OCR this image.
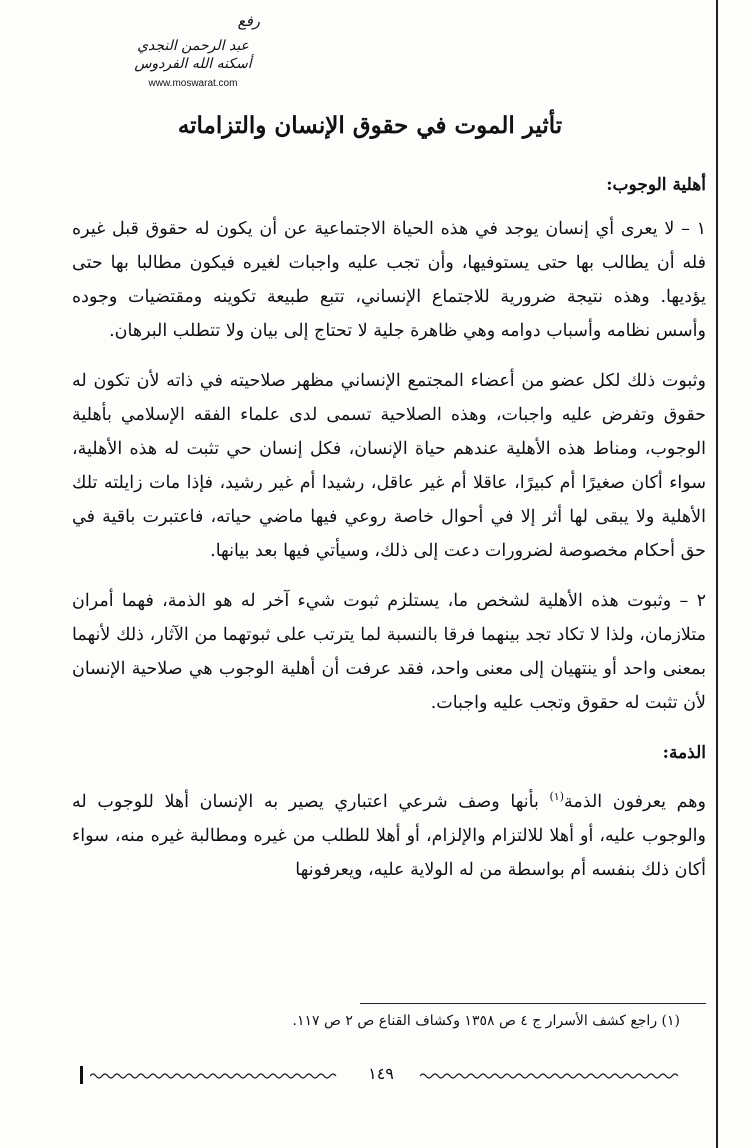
رفع
عبد الرحمن النجدي
أسكنه الله الفردوس
www.moswarat.com
تأثير الموت في حقوق الإنسان والتزاماته
أهلية الوجوب:

١ – لا يعرى أي إنسان يوجد في هذه الحياة الاجتماعية عن أن يكون له حقوق قبل غيره فله أن يطالب بها حتى يستوفيها، وأن تجب عليه واجبات لغيره فيكون مطالبا بها حتى يؤديها. وهذه نتيجة ضرورية للاجتماع الإنساني، تتبع طبيعة تكوينه ومقتضيات وجوده وأسس نظامه وأسباب دوامه وهي ظاهرة جلية لا تحتاج إلى بيان ولا تتطلب البرهان.

وثبوت ذلك لكل عضو من أعضاء المجتمع الإنساني مظهر صلاحيته في ذاته لأن تكون له حقوق وتفرض عليه واجبات، وهذه الصلاحية تسمى لدى علماء الفقه الإسلامي بأهلية الوجوب، ومناط هذه الأهلية عندهم حياة الإنسان، فكل إنسان حي تثبت له هذه الأهلية، سواء أكان صغيرًا أم كبيرًا، عاقلا أم غير عاقل، رشيدا أم غير رشيد، فإذا مات زايلته تلك الأهلية ولا يبقى لها أثر إلا في أحوال خاصة روعي فيها ماضي حياته، فاعتبرت باقية في حق أحكام مخصوصة لضرورات دعت إلى ذلك، وسيأتي فيها بعد بيانها.

٢ – وثبوت هذه الأهلية لشخص ما، يستلزم ثبوت شيء آخر له هو الذمة، فهما أمران متلازمان، ولذا لا تكاد تجد بينهما فرقا بالنسبة لما يترتب على ثبوتهما من الآثار، ذلك لأنهما بمعنى واحد أو ينتهيان إلى معنى واحد، فقد عرفت أن أهلية الوجوب هي صلاحية الإنسان لأن تثبت له حقوق وتجب عليه واجبات.

الذمة:

وهم يعرفون الذمة$^{(١)}$ بأنها وصف شرعي اعتباري يصير به الإنسان أهلا للوجوب له والوجوب عليه، أو أهلا للالتزام والإلزام، أو أهلا للطلب من غيره ومطالبة غيره منه، سواء أكان ذلك بنفسه أم بواسطة من له الولاية عليه، ويعرفونها

(١) راجع كشف الأسرار ج ٤ ص ١٣٥٨ وكشاف القناع ص ٢ ص ١١٧.
١٤٩
